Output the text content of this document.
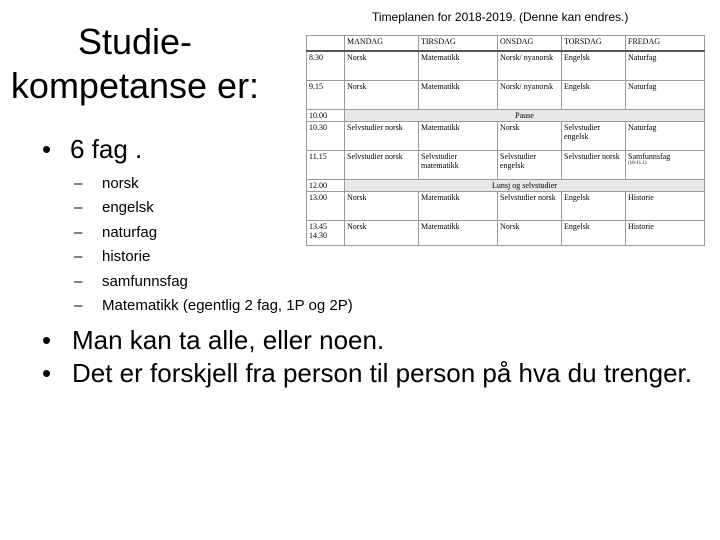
Studie-
kompetanse er:
Timeplanen for 2018-2019. (Denne kan endres.)
• 6 fag .
– norsk
– engelsk
– naturfag
– historie
– samfunnsfag
– Matematikk (egentlig 2 fag, 1P og 2P)
• Man kan ta alle, eller noen.
• Det er forskjell fra person til person på hva du trenger.
	MANDAG	TIRSDAG	ONSDAG	TORSDAG	FREDAG
8.30	Norsk	Matematikk	Norsk/ nyanorsk	Engelsk	Naturfag
9.15	Norsk	Matematikk	Norsk/ nyanorsk	Engelsk	Naturfag
10.00	Pause				
10.30	Selvstudier norsk	Matematikk	Norsk	Selvstudier engelsk	Naturfag
11.15	Selvstudier norsk	Selvstudier matematikk	Selvstudier engelsk	Selvstudier norsk	Samfunnsfag
(10-11.1)

12.00	Lunsj og selvstudier				
13.00	Norsk	Matematikk	Selvstudier norsk	Engelsk	Historie
13.45
14.30	Norsk	Matematikk	Norsk	Engelsk	Historie
